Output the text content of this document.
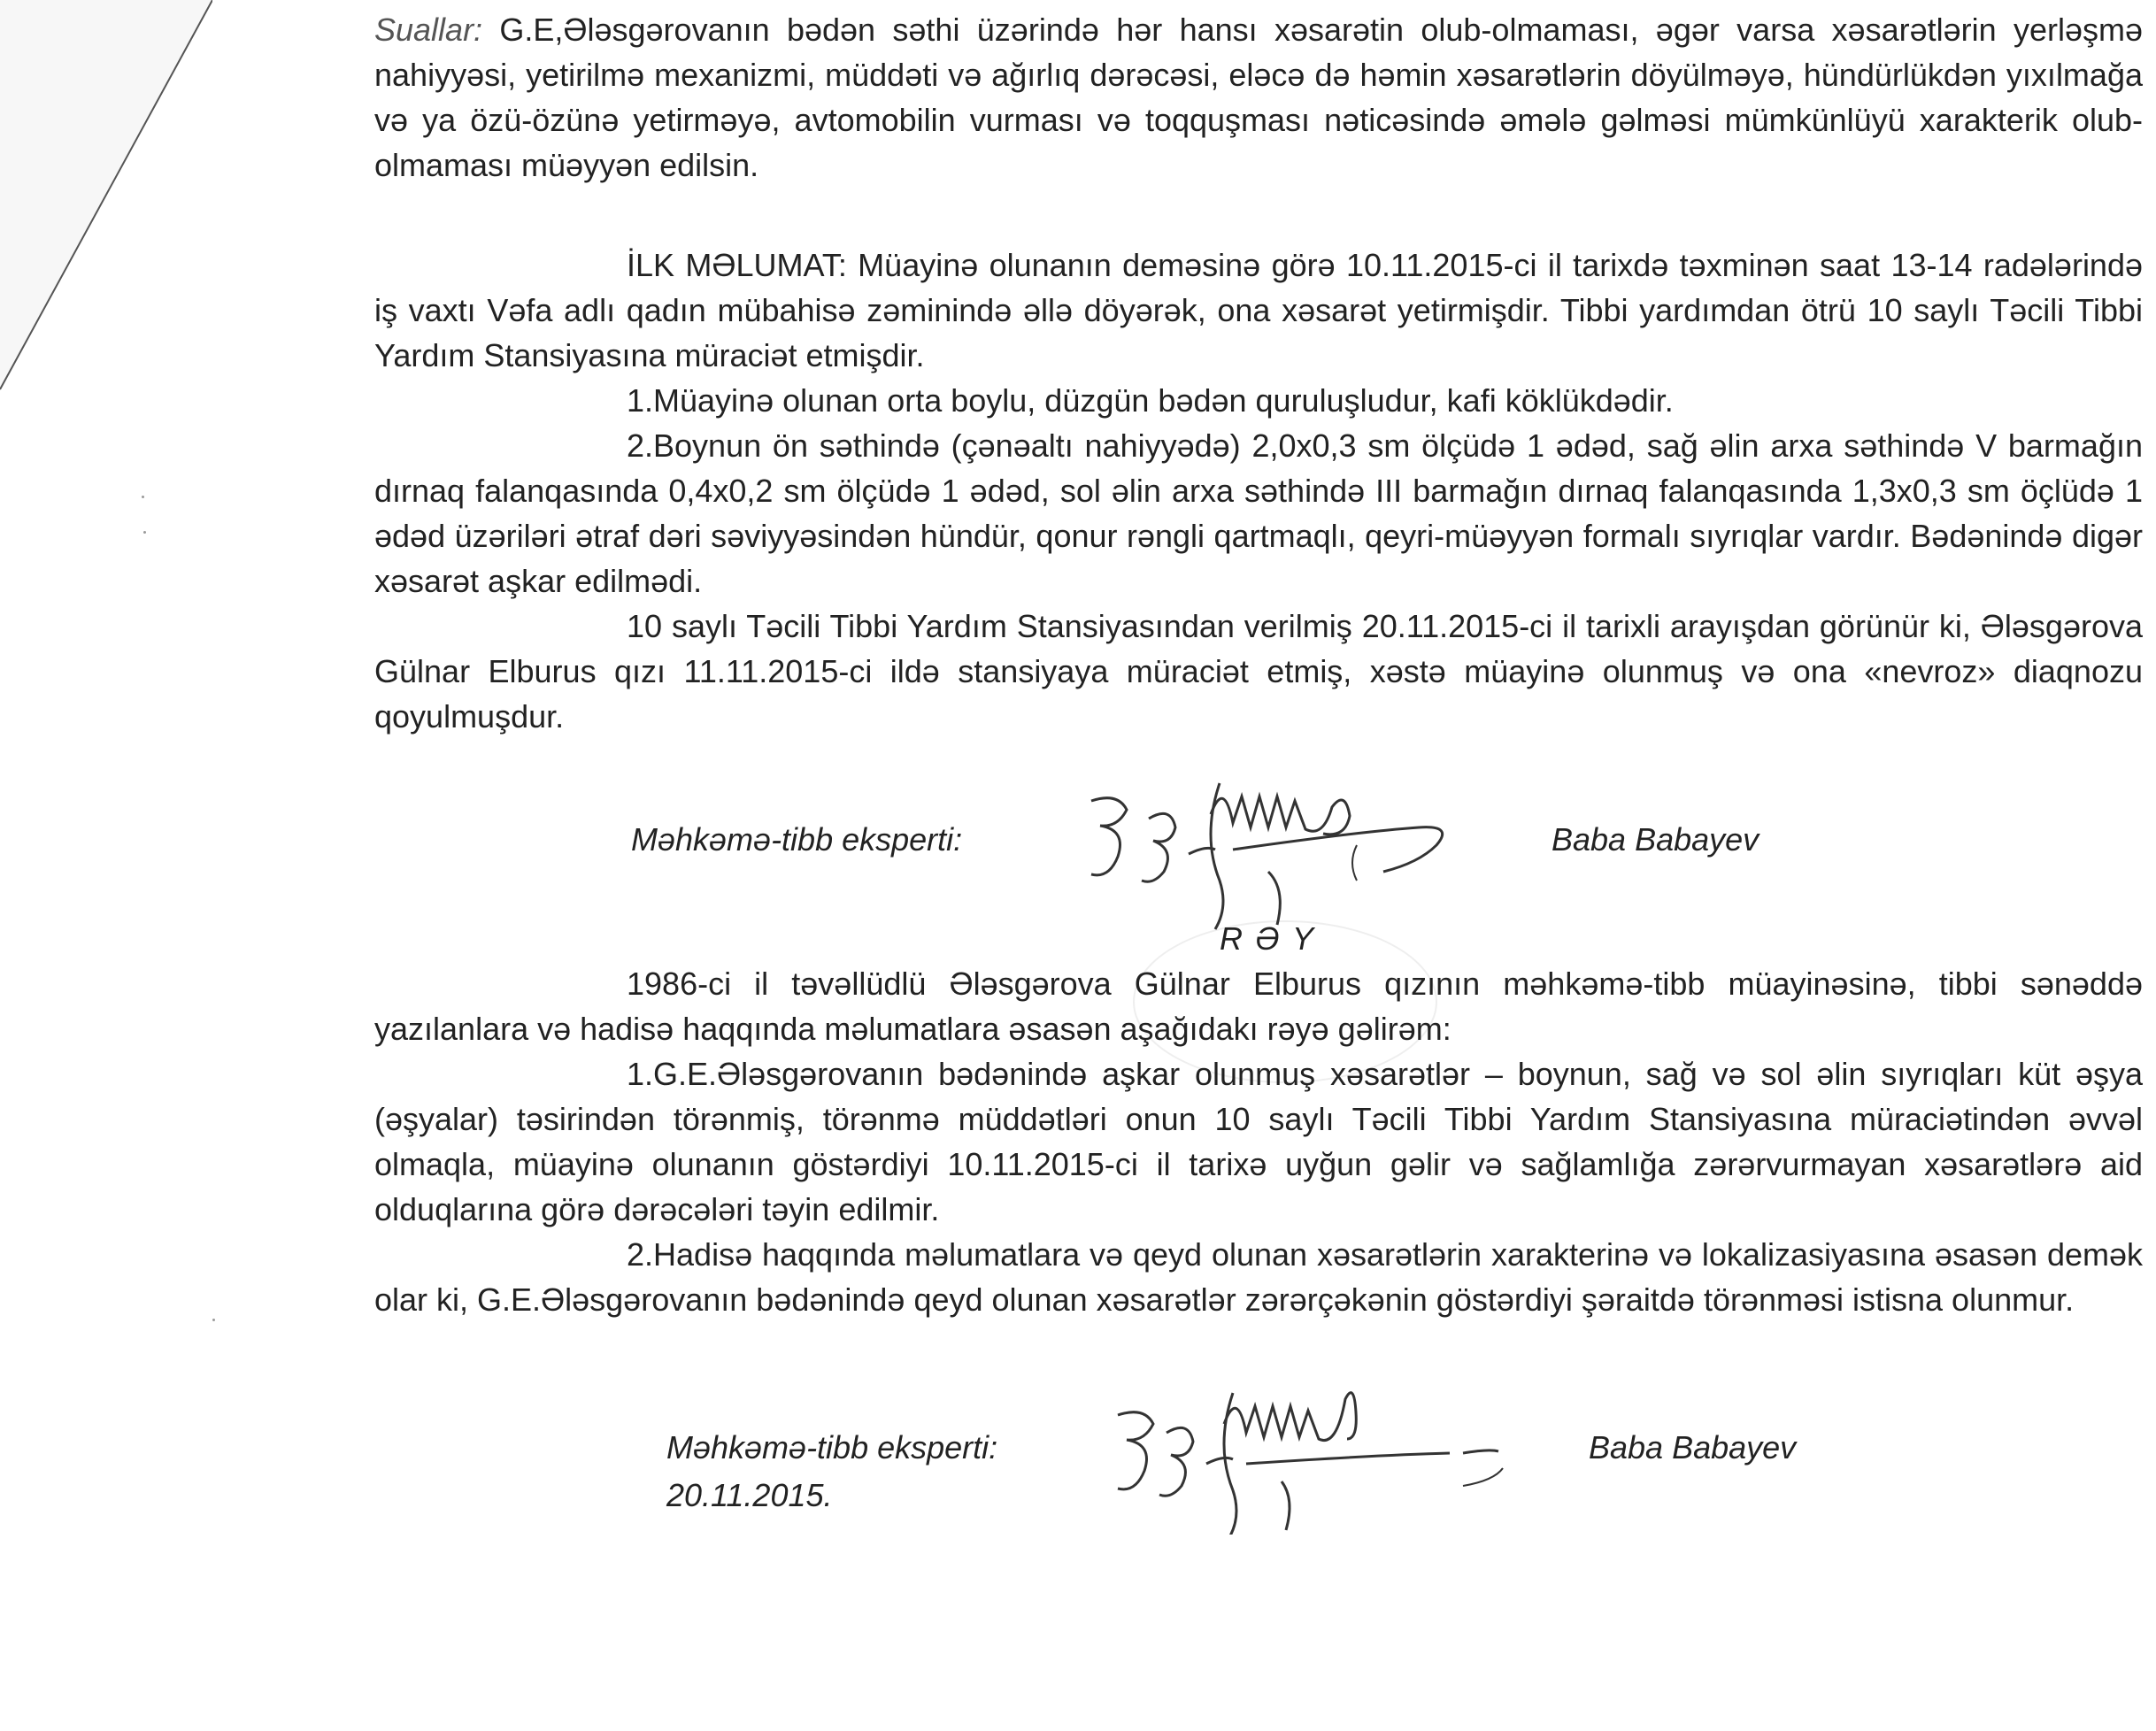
Suallar: G.E,Ələsgərovanın bədən səthi üzərində hər hansı xəsarətin olub-olmaması, əgər varsa xəsarətlərin yerləşmə nahiyyəsi, yetirilmə mexanizmi, müddəti və ağırlıq dərəcəsi, eləcə də həmin xəsarətlərin döyülməyə, hündürlükdən yıxılmağa və ya özü-özünə yetirməyə, avtomobilin vurması və toqquşması nəticəsində əmələ gəlməsi mümkünlüyü xarakterik olub-olmaması müəyyən edilsin.

İLK MƏLUMAT: Müayinə olunanın deməsinə görə 10.11.2015-ci il tarixdə təxminən saat 13-14 radələrində iş vaxtı Vəfa adlı qadın mübahisə zəminində əllə döyərək, ona xəsarət yetirmişdir. Tibbi yardımdan ötrü 10 saylı Təcili Tibbi Yardım Stansiyasına müraciət etmişdir.

1.Müayinə olunan orta boylu, düzgün bədən quruluşludur, kafi köklükdədir.

2.Boynun ön səthində (çənəaltı nahiyyədə) 2,0x0,3 sm ölçüdə 1 ədəd, sağ əlin arxa səthində V barmağın dırnaq falanqasında 0,4x0,2 sm ölçüdə 1 ədəd, sol əlin arxa səthində III barmağın dırnaq falanqasında 1,3x0,3 sm öçlüdə 1 ədəd üzəriləri ətraf dəri səviyyəsindən hündür, qonur rəngli qartmaqlı, qeyri-müəyyən formalı sıyrıqlar vardır. Bədənində digər xəsarət aşkar edilmədi.

10 saylı Təcili Tibbi Yardım Stansiyasından verilmiş 20.11.2015-ci il tarixli arayışdan görünür ki, Ələsgərova Gülnar Elburus qızı 11.11.2015-ci ildə stansiyaya müraciət etmiş, xəstə müayinə olunmuş və ona «nevroz» diaqnozu qoyulmuşdur.

Məhkəmə-tibb eksperti:	Baba Babayev

RƏY

1986-ci il təvəllüdlü Ələsgərova Gülnar Elburus qızının məhkəmə-tibb müayinəsinə, tibbi sənəddə yazılanlara və hadisə haqqında məlumatlara əsasən aşağıdakı rəyə gəlirəm:

1.G.E.Ələsgərovanın bədənində aşkar olunmuş xəsarətlər – boynun, sağ və sol əlin sıyrıqları küt əşya (əşyalar) təsirindən törənmiş, törənmə müddətləri onun 10 saylı Təcili Tibbi Yardım Stansiyasına müraciətindən əvvəl olmaqla, müayinə olunanın göstərdiyi 10.11.2015-ci il tarixə uyğun gəlir və sağlamlığa zərərvurmayan xəsarətlərə aid olduqlarına görə dərəcələri təyin edilmir.

2.Hadisə haqqında məlumatlara və qeyd olunan xəsarətlərin xarakterinə və lokalizasiyasına əsasən demək olar ki, G.E.Ələsgərovanın bədənində qeyd olunan xəsarətlər zərərçəkənin göstərdiyi şəraitdə törənməsi istisna olunmur.

Məhkəmə-tibb eksperti:
20.11.2015.
Baba Babayev
